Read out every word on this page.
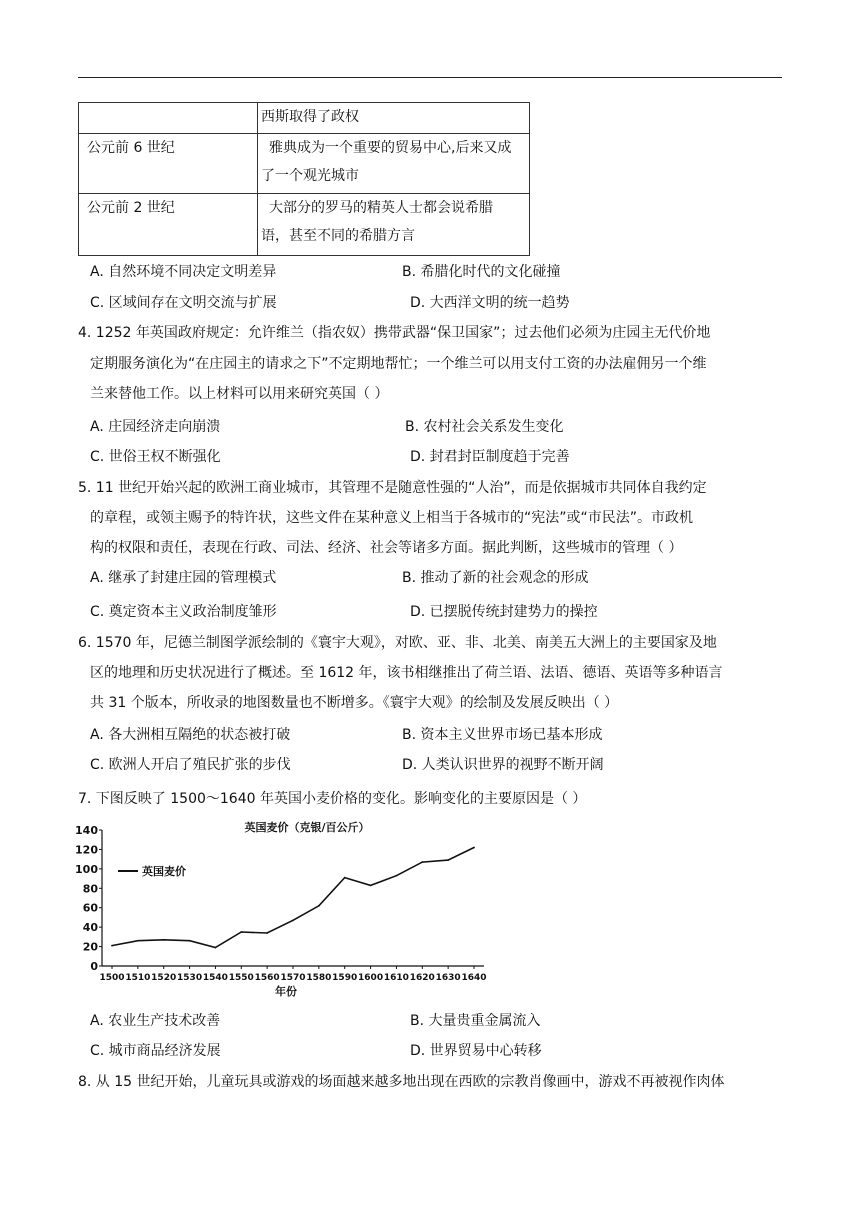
	西斯取得了政权
公元前 6 世纪	雅典成为一个重要的贸易中心,后来又成
了一个观光城市

公元前 2 世纪	大部分的罗马的精英人士都会说希腊
语，甚至不同的希腊方言
A. 自然环境不同决定文明差异	B. 希腊化时代的文化碰撞
C. 区域间存在文明交流与扩展	D. 大西洋文明的统一趋势
4. 1252 年英国政府规定：允许维兰（指农奴）携带武器“保卫国家”；过去他们必须为庄园主无代价地
定期服务演化为“在庄园主的请求之下”不定期地帮忙；一个维兰可以用支付工资的办法雇佣另一个维
兰来替他工作。以上材料可以用来研究英国（ ）
A. 庄园经济走向崩溃	B. 农村社会关系发生变化
C. 世俗王权不断强化	D. 封君封臣制度趋于完善
5. 11 世纪开始兴起的欧洲工商业城市，其管理不是随意性强的“人治”，而是依据城市共同体自我约定
的章程，或领主赐予的特许状，这些文件在某种意义上相当于各城市的“宪法”或“市民法”。市政机
构的权限和责任，表现在行政、司法、经济、社会等诸多方面。据此判断，这些城市的管理（ ）
A. 继承了封建庄园的管理模式	B. 推动了新的社会观念的形成
C. 奠定资本主义政治制度雏形	D. 已摆脱传统封建势力的操控
6. 1570 年，尼德兰制图学派绘制的《寰宇大观》，对欧、亚、非、北美、南美五大洲上的主要国家及地
区的地理和历史状况进行了概述。至 1612 年，该书相继推出了荷兰语、法语、德语、英语等多种语言
共 31 个版本，所收录的地图数量也不断增多。《寰宇大观》的绘制及发展反映出（ ）
A. 各大洲相互隔绝的状态被打破	B. 资本主义世界市场已基本形成
C. 欧洲人开启了殖民扩张的步伐	D. 人类认识世界的视野不断开阔
7. 下图反映了 1500～1640 年英国小麦价格的变化。影响变化的主要原因是（ ）
英国麦价（克银/百公斤）
0
20
40
60
80
100
120
140
1500 1510 1520 1530 1540 1550 1560 1570 1580 1590 1600 1610 1620 1630 1640
英国麦价
年份
A. 农业生产技术改善	B. 大量贵重金属流入
C. 城市商品经济发展	D. 世界贸易中心转移
8. 从 15 世纪开始，儿童玩具或游戏的场面越来越多地出现在西欧的宗教肖像画中，游戏不再被视作肉体
